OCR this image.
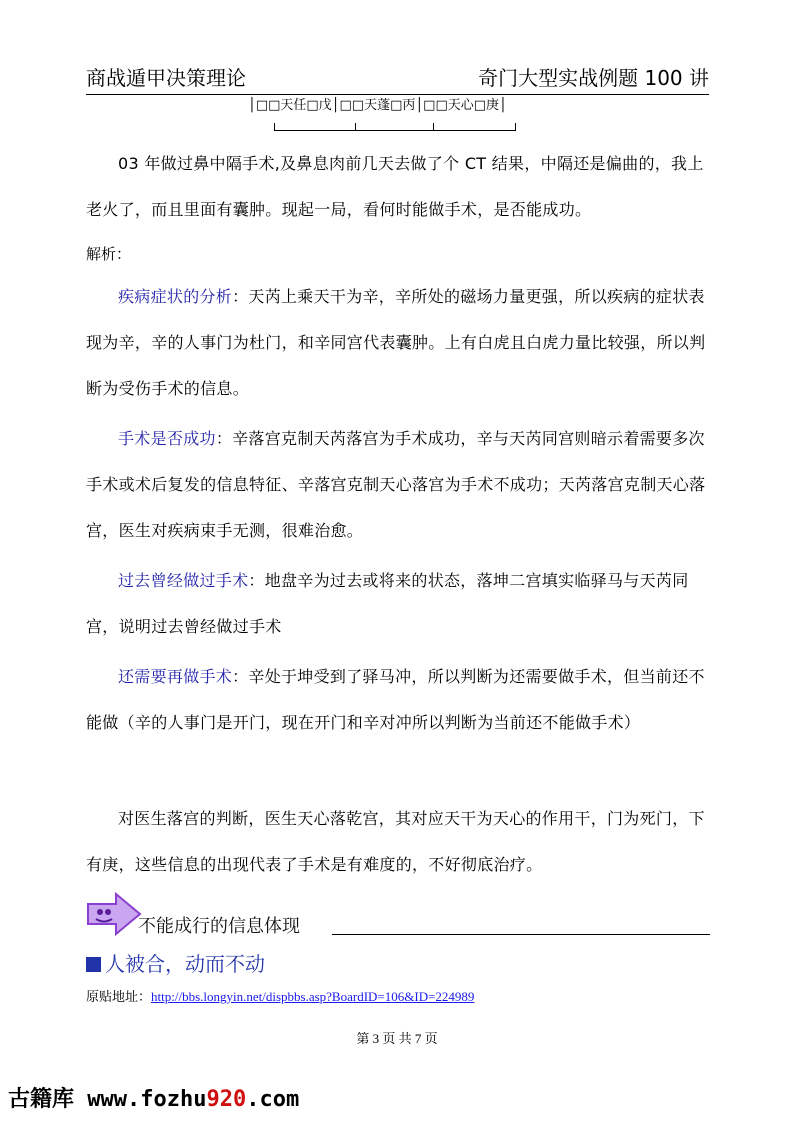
商战遁甲决策理论	奇门大型实战例题 100 讲
│□□天任□戊│□□天蓬□丙│□□天心□庚│
03 年做过鼻中隔手术,及鼻息肉前几天去做了个 CT 结果，中隔还是偏曲的，我上老火了，而且里面有囊肿。现起一局，看何时能做手术，是否能成功。
解析：
疾病症状的分析：天芮上乘天干为辛，辛所处的磁场力量更强，所以疾病的症状表现为辛，辛的人事门为杜门，和辛同宫代表囊肿。上有白虎且白虎力量比较强，所以判断为受伤手术的信息。
手术是否成功：辛落宫克制天芮落宫为手术成功，辛与天芮同宫则暗示着需要多次手术或术后复发的信息特征、辛落宫克制天心落宫为手术不成功；天芮落宫克制天心落宫，医生对疾病束手无测，很难治愈。
过去曾经做过手术：地盘辛为过去或将来的状态，落坤二宫填实临驿马与天芮同宫，说明过去曾经做过手术
还需要再做手术：辛处于坤受到了驿马冲，所以判断为还需要做手术，但当前还不能做（辛的人事门是开门，现在开门和辛对冲所以判断为当前还不能做手术）
对医生落宫的判断，医生天心落乾宫，其对应天干为天心的作用干，门为死门，下有庚，这些信息的出现代表了手术是有难度的，不好彻底治疗。
不能成行的信息体现
人被合，动而不动
原贴地址：http://bbs.longyin.net/dispbbs.asp?BoardID=106&ID=224989
第 3 页 共 7 页
古籍库 www.fozhu920.com
